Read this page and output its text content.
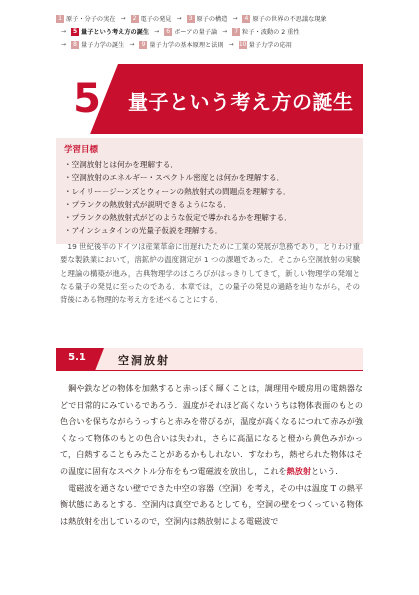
1 原子・分子の実在 →	2 電子の発見 →	3 原子の構造 →	4 原子の世界の不思議な現象
→	5 量子という考え方の誕生 →	6 ボーアの量子論 →	7 粒子・波動の 2 重性
→	8 量子力学の誕生 →	9 量子力学の基本原理と法則 → 10 量子力学の応用
5	量子という考え方の誕生
学習目標
・空洞放射とは何かを理解する．
・空洞放射のエネルギー・スペクトル密度とは何かを理解する．
・レイリー－ジーンズとウィーンの熱放射式の問題点を理解する．
・プランクの熱放射式が説明できるようになる．
・プランクの熱放射式がどのような仮定で導かれるかを理解する．
・アインシュタインの光量子仮説を理解する．

19 世紀後半のドイツは産業革命に出遅れたために工業の発展が急務であり，とりわけ重要な製鉄業において，溶鉱炉の温度測定が 1 つの課題であった．そこから空洞放射の実験と理論の構築が進み，古典物理学のほころびがはっきりしてきて，新しい物理学の発端となる量子の発見に至ったのである．本章では，この量子の発見の過路を辿りながら，その背後にある物理的な考え方を述べることにする．

5.1	空洞放射

鋼や鉄などの物体を加熱すると赤っぽく輝くことは，調理用や暖房用の電熱器などで日常的にみているであろう．温度がそれほど高くないうちは物体表面のもとの色合いを保ちながらうっすらと赤みを帯びるが，温度が高くなるにつれて赤みが強くなって物体のもとの色合いは失われ，さらに高温になると橙から黄色みがかって，白熱することもみたことがあるかもしれない．すなわち，熱せられた物体はその温度に固有なスペクトル分布をもつ電磁波を放出し，これを熱放射という．

電磁波を通さない壁でできた中空の容器（空洞）を考え，その中は温度 T の熱平衡状態にあるとする．空洞内は真空であるとしても，空洞の壁をつくっている物体は熱放射を出しているので，空洞内は熱放射による電磁波で
